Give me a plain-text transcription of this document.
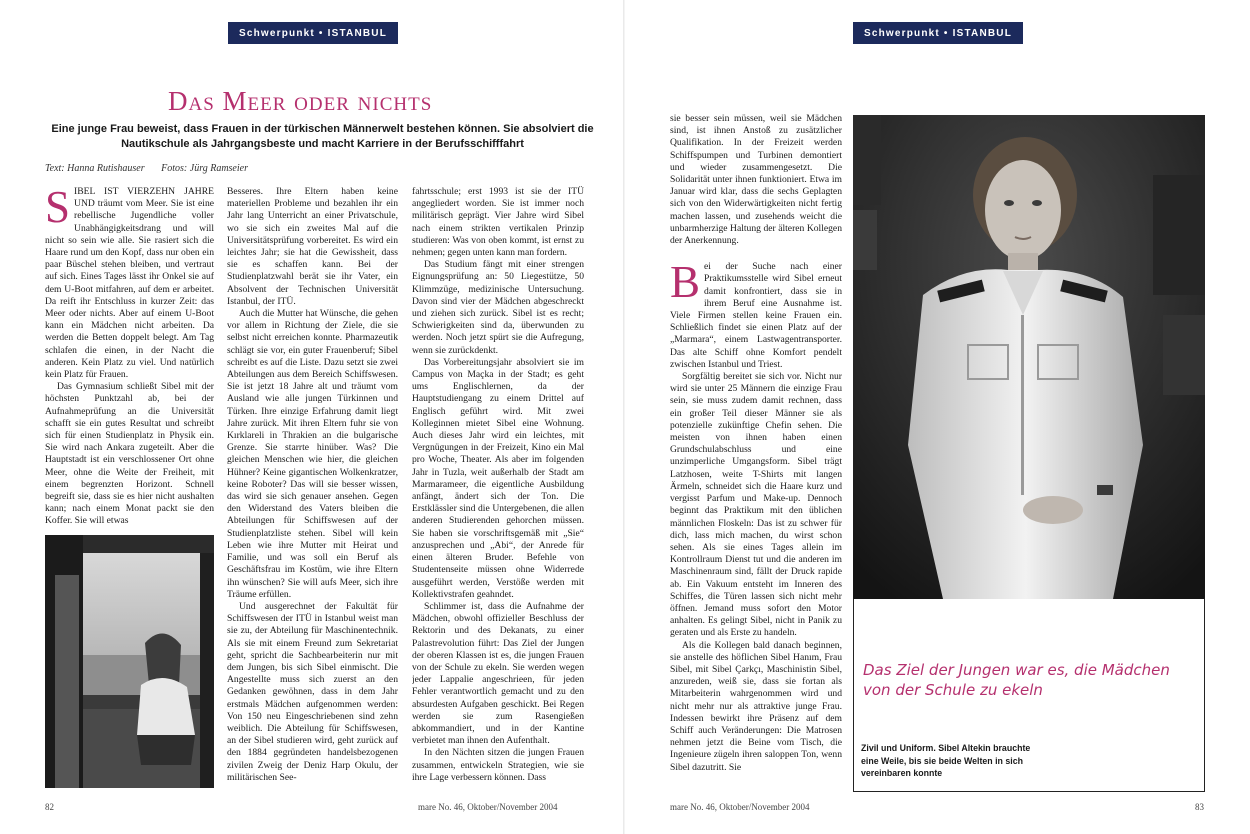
Schwerpunkt • ISTANBUL
Das Meer oder nichts
Eine junge Frau beweist, dass Frauen in der türkischen Männerwelt bestehen können. Sie absolviert die Nautikschule als Jahrgangsbeste und macht Karriere in der Berufsschifffahrt
Text: Hanna Rutishauser Fotos: Jürg Ramseier

SIBEL IST VIERZEHN JAHRE UND träumt vom Meer. Sie ist eine rebellische Jugendliche voller Unabhängigkeitsdrang und will nicht so sein wie alle. Sie rasiert sich die Haare rund um den Kopf, dass nur oben ein paar Büschel stehen bleiben, und vertraut auf sich. Eines Tages lässt ihr Onkel sie auf dem U-Boot mitfahren, auf dem er arbeitet. Da reift ihr Entschluss in kurzer Zeit: das Meer oder nichts. Aber auf einem U-Boot kann ein Mädchen nicht arbeiten. Da werden die Betten doppelt belegt. Am Tag schlafen die einen, in der Nacht die anderen. Kein Platz zu viel. Und natürlich kein Platz für Frauen.

Das Gymnasium schließt Sibel mit der höchsten Punktzahl ab, bei der Aufnahmeprüfung an die Universität schafft sie ein gutes Resultat und schreibt sich für einen Studienplatz in Physik ein. Sie wird nach Ankara zugeteilt. Aber die Hauptstadt ist ein verschlossener Ort ohne Meer, ohne die Weite der Freiheit, mit einem begrenzten Horizont. Schnell begreift sie, dass sie es hier nicht aushalten kann; nach einem Monat packt sie den Koffer. Sie will etwas

Besseres. Ihre Eltern haben keine materiellen Probleme und bezahlen ihr ein Jahr lang Unterricht an einer Privatschule, wo sie sich ein zweites Mal auf die Universitätsprüfung vorbereitet. Es wird ein leichtes Jahr; sie hat die Gewissheit, dass sie es schaffen kann. Bei der Studienplatzwahl berät sie ihr Vater, ein Absolvent der Technischen Universität Istanbul, der ITÜ.

Auch die Mutter hat Wünsche, die gehen vor allem in Richtung der Ziele, die sie selbst nicht erreichen konnte. Pharmazeutik schlägt sie vor, ein guter Frauenberuf; Sibel schreibt es auf die Liste. Dazu setzt sie zwei Abteilungen aus dem Bereich Schiffswesen. Sie ist jetzt 18 Jahre alt und träumt vom Ausland wie alle jungen Türkinnen und Türken. Ihre einzige Erfahrung damit liegt Jahre zurück. Mit ihren Eltern fuhr sie von Kırklareli in Thrakien an die bulgarische Grenze. Sie starrte hinüber. Was? Die gleichen Menschen wie hier, die gleichen Hühner? Keine gigantischen Wolkenkratzer, keine Roboter? Das will sie besser wissen, das wird sie sich genauer ansehen. Gegen den Widerstand des Vaters bleiben die Abteilungen für Schiffswesen auf der Studienplatzliste stehen. Sibel will kein Leben wie ihre Mutter mit Heirat und Familie, und was soll ein Beruf als Geschäftsfrau im Kostüm, wie ihre Eltern ihn wünschen? Sie will aufs Meer, sich ihre Träume erfüllen.

Und ausgerechnet der Fakultät für Schiffswesen der ITÜ in Istanbul weist man sie zu, der Abteilung für Maschinentechnik. Als sie mit einem Freund zum Sekretariat geht, spricht die Sachbearbeiterin nur mit dem Jungen, bis sich Sibel einmischt. Die Angestellte muss sich zuerst an den Gedanken gewöhnen, dass in dem Jahr erstmals Mädchen aufgenommen werden: Von 150 neu Eingeschriebenen sind zehn weiblich. Die Abteilung für Schiffswesen, an der Sibel studieren wird, geht zurück auf den 1884 gegründeten handelsbezogenen zivilen Zweig der Deniz Harp Okulu, der militärischen See-

fahrtsschule; erst 1993 ist sie der ITÜ angegliedert worden. Sie ist immer noch militärisch geprägt. Vier Jahre wird Sibel nach einem strikten vertikalen Prinzip studieren: Was von oben kommt, ist ernst zu nehmen; gegen unten kann man fordern.

Das Studium fängt mit einer strengen Eignungsprüfung an: 50 Liegestütze, 50 Klimmzüge, medizinische Untersuchung. Davon sind vier der Mädchen abgeschreckt und ziehen sich zurück. Sibel ist es recht; Schwierigkeiten sind da, überwunden zu werden. Noch jetzt spürt sie die Aufregung, wenn sie zurückdenkt.

Das Vorbereitungsjahr absolviert sie im Campus von Maçka in der Stadt; es geht ums Englischlernen, da der Hauptstudiengang zu einem Drittel auf Englisch geführt wird. Mit zwei Kolleginnen mietet Sibel eine Wohnung. Auch dieses Jahr wird ein leichtes, mit Vergnügungen in der Freizeit, Kino ein Mal pro Woche, Theater. Als aber im folgenden Jahr in Tuzla, weit außerhalb der Stadt am Marmarameer, die eigentliche Ausbildung anfängt, ändert sich der Ton. Die Erstklässler sind die Untergebenen, die allen anderen Studierenden gehorchen müssen. Sie haben sie vorschriftsgemäß mit „Sie“ anzusprechen und „Abi“, der Anrede für einen älteren Bruder. Befehle von Studentenseite müssen ohne Widerrede ausgeführt werden, Verstöße werden mit Kollektivstrafen geahndet.

Schlimmer ist, dass die Aufnahme der Mädchen, obwohl offizieller Beschluss der Rektorin und des Dekanats, zu einer Palastrevolution führt: Das Ziel der Jungen der oberen Klassen ist es, die jungen Frauen von der Schule zu ekeln. Sie werden wegen jeder Lappalie angeschrieen, für jeden Fehler verantwortlich gemacht und zu den absurdesten Aufgaben geschickt. Bei Regen werden sie zum Rasengießen abkommandiert, und in der Kantine verbietet man ihnen den Aufenthalt.

In den Nächten sitzen die jungen Frauen zusammen, entwickeln Strategien, wie sie ihre Lage verbessern können. Dass

82	mare No. 46, Oktober/November 2004
Schwerpunkt • ISTANBUL

sie besser sein müssen, weil sie Mädchen sind, ist ihnen Anstoß zu zusätzlicher Qualifikation. In der Freizeit werden Schiffspumpen und Turbinen demontiert und wieder zusammengesetzt. Die Solidarität unter ihnen funktioniert. Etwa im Januar wird klar, dass die sechs Geplagten sich von den Widerwärtigkeiten nicht fertig machen lassen, und zusehends weicht die unbarmherzige Haltung der älteren Kollegen der Anerkennung.

Bei der Suche nach einer Praktikumsstelle wird Sibel erneut damit konfrontiert, dass sie in ihrem Beruf eine Ausnahme ist. Viele Firmen stellen keine Frauen ein. Schließlich findet sie einen Platz auf der „Marmara“, einem Lastwagentransporter. Das alte Schiff ohne Komfort pendelt zwischen Istanbul und Triest.

Sorgfältig bereitet sie sich vor. Nicht nur wird sie unter 25 Männern die einzige Frau sein, sie muss zudem damit rechnen, dass ein großer Teil dieser Männer sie als potenzielle zukünftige Chefin sehen. Die meisten von ihnen haben einen Grundschulabschluss und eine unzimperliche Umgangsform. Sibel trägt Latzhosen, weite T-Shirts mit langen Ärmeln, schneidet sich die Haare kurz und vergisst Parfum und Make-up. Dennoch beginnt das Praktikum mit den üblichen männlichen Floskeln: Das ist zu schwer für dich, lass mich machen, du wirst schon sehen. Als sie eines Tages allein im Kontrollraum Dienst tut und die anderen im Maschinenraum sind, fällt der Druck rapide ab. Ein Vakuum entsteht im Inneren des Schiffes, die Türen lassen sich nicht mehr öffnen. Jemand muss sofort den Motor anhalten. Es gelingt Sibel, nicht in Panik zu geraten und als Erste zu handeln.

Als die Kollegen bald danach beginnen, sie anstelle des höflichen Sibel Hanım, Frau Sibel, mit Sibel Çarkçı, Maschinistin Sibel, anzureden, weiß sie, dass sie fortan als Mitarbeiterin wahrgenommen wird und nicht mehr nur als attraktive junge Frau. Indessen bewirkt ihre Präsenz auf dem Schiff auch Veränderungen: Die Matrosen nehmen jetzt die Beine vom Tisch, die Ingenieure zügeln ihren saloppen Ton, wenn Sibel dazutritt. Sie

Das Ziel der Jungen war es, die Mädchen von der Schule zu ekeln
Zivil und Uniform. Sibel Altekin brauchte eine Weile, bis sie beide Welten in sich vereinbaren konnte
mare No. 46, Oktober/November 2004	83
